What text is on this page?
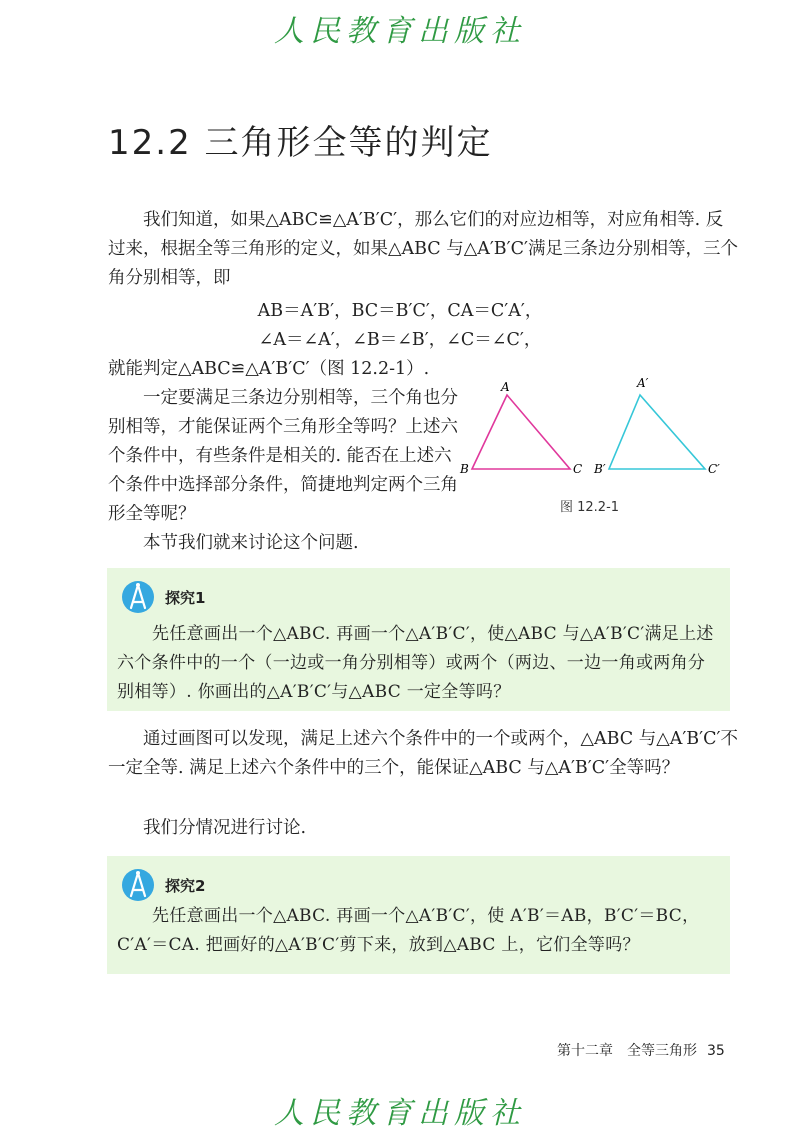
人民教育出版社
12.2 三角形全等的判定

我们知道，如果△ABC≌△A′B′C′，那么它们的对应边相等，对应角相等. 反过来，根据全等三角形的定义，如果△ABC 与△A′B′C′满足三条边分别相等，三个角分别相等，即

AB＝A′B′，BC＝B′C′，CA＝C′A′，
∠A＝∠A′，∠B＝∠B′，∠C＝∠C′，

就能判定△ABC≌△A′B′C′（图 12.2-1）.

一定要满足三条边分别相等，三个角也分别相等，才能保证两个三角形全等吗？上述六个条件中，有些条件是相关的. 能否在上述六个条件中选择部分条件，简捷地判定两个三角形全等呢？

本节我们就来讨论这个问题.

A
B	C
A′
B′	C′
图 12.2-1
探究1

先任意画出一个△ABC. 再画一个△A′B′C′，使△ABC 与△A′B′C′满足上述六个条件中的一个（一边或一角分别相等）或两个（两边、一边一角或两角分别相等）. 你画出的△A′B′C′与△ABC 一定全等吗？

通过画图可以发现，满足上述六个条件中的一个或两个，△ABC 与△A′B′C′不一定全等. 满足上述六个条件中的三个，能保证△ABC 与△A′B′C′全等吗？

我们分情况进行讨论.

探究2

先任意画出一个△ABC. 再画一个△A′B′C′，使 A′B′＝AB，B′C′＝BC，C′A′＝CA. 把画好的△A′B′C′剪下来，放到△ABC 上，它们全等吗？

第十二章　全等三角形 35
人民教育出版社
